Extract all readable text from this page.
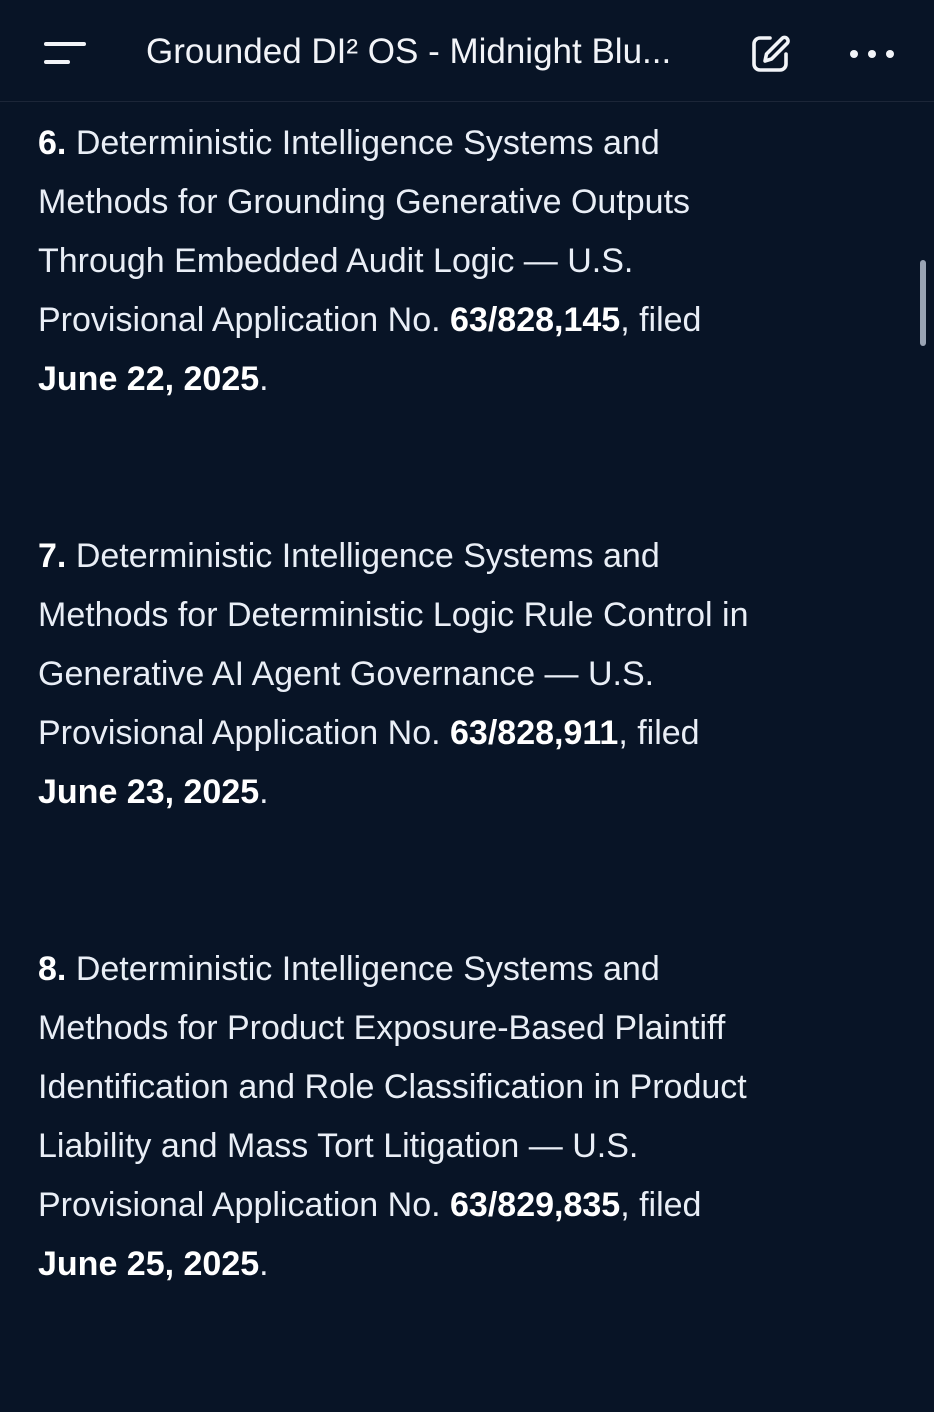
Grounded DI² OS - Midnight Blu...
6. Deterministic Intelligence Systems and
Methods for Grounding Generative Outputs
Through Embedded Audit Logic — U.S.
Provisional Application No. 63/828,145, filed
June 22, 2025.
7. Deterministic Intelligence Systems and
Methods for Deterministic Logic Rule Control in
Generative AI Agent Governance — U.S.
Provisional Application No. 63/828,911, filed
June 23, 2025.
8. Deterministic Intelligence Systems and
Methods for Product Exposure-Based Plaintiff
Identification and Role Classification in Product
Liability and Mass Tort Litigation — U.S.
Provisional Application No. 63/829,835, filed
June 25, 2025.
